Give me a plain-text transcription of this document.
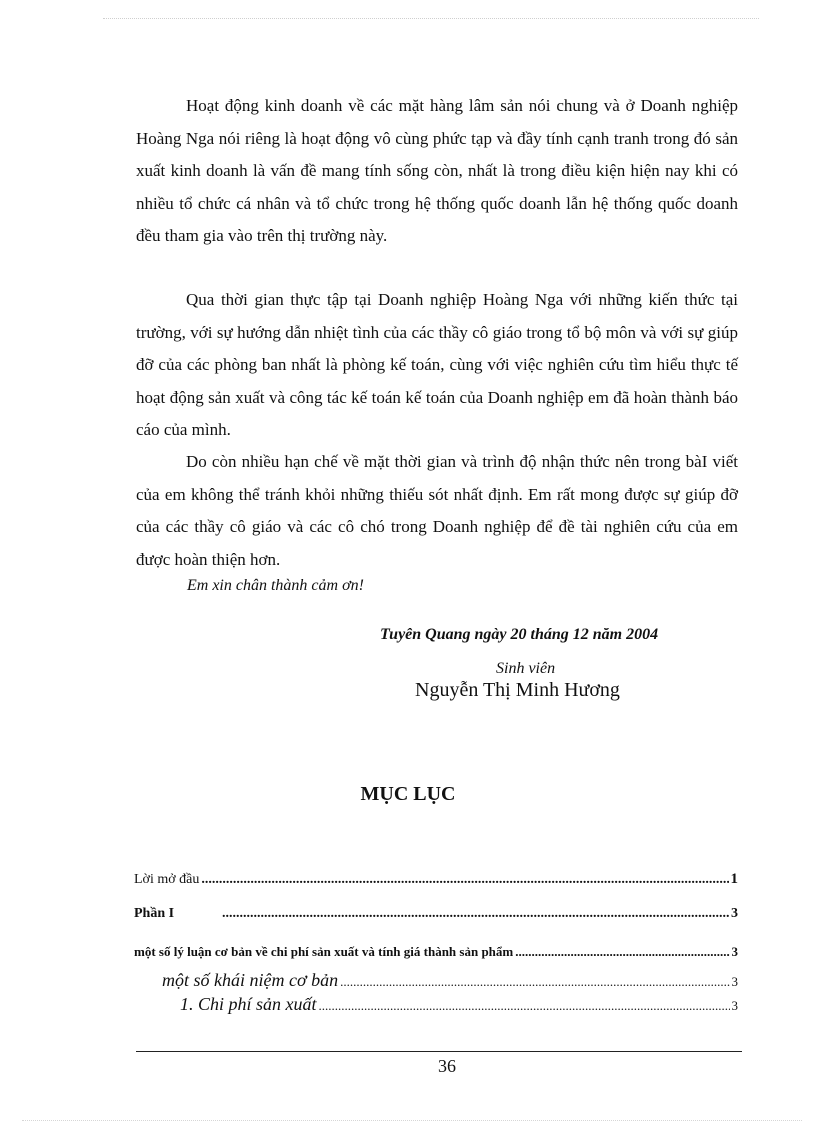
Hoạt động kinh doanh về các mặt hàng lâm sản nói chung và ở Doanh nghiệp Hoàng Nga nói riêng là hoạt động vô cùng phức tạp và đầy tính cạnh tranh trong đó sản xuất kinh doanh là vấn đề mang tính sống còn, nhất là trong điều kiện hiện nay khi có nhiều tổ chức cá nhân và tổ chức trong hệ thống quốc doanh lẫn hệ thống quốc doanh đều tham gia vào trên thị trường này.

Qua thời gian thực tập tại Doanh nghiệp Hoàng Nga với những kiến thức tại trường, với sự hướng dẫn nhiệt tình của các thầy cô giáo trong tổ bộ môn và với sự giúp đỡ của các phòng ban nhất là phòng kế toán, cùng với việc nghiên cứu tìm hiểu thực tế hoạt động sản xuất và công tác kế toán kế toán của Doanh nghiệp em đã hoàn thành báo cáo của mình.

Do còn nhiều hạn chế về mặt thời gian và trình độ nhận thức nên trong bàI viết của em không thể tránh khỏi những thiếu sót nhất định. Em rất mong được sự giúp đỡ của các thầy cô giáo và các cô chó trong Doanh nghiệp để đề tài nghiên cứu của em được hoàn thiện hơn.

Em xin chân thành cảm ơn!
Tuyên Quang ngày 20 tháng 12 năm 2004
Sinh viên
Nguyễn Thị Minh Hương
MỤC LỤC
Lời mở đầu .....	1
Phần I .....	3
một số lý luận cơ bản về chi phí sản xuất và tính giá thành sản phẩm .....	3
một số khái niệm cơ bản .....	3
1. Chi phí sản xuất .....	3
36
